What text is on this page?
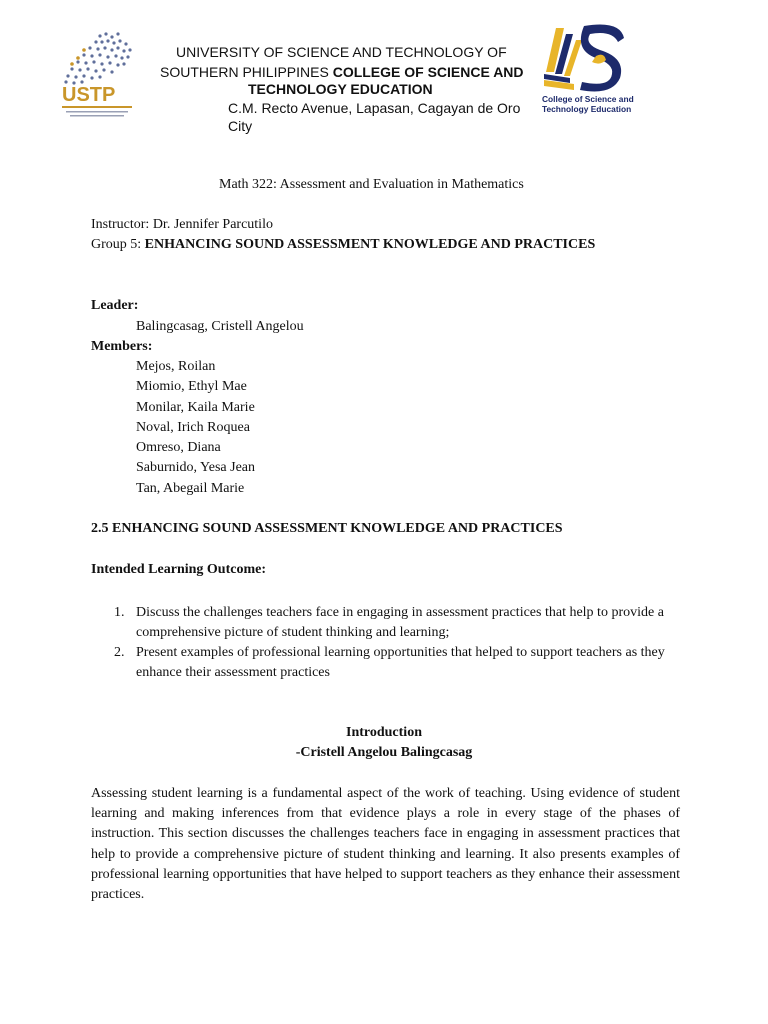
USTP	College of Science and
Technology Education
UNIVERSITY OF SCIENCE AND TECHNOLOGY OF
SOUTHERN PHILIPPINES COLLEGE OF SCIENCE AND
TECHNOLOGY EDUCATION
C.M. Recto Avenue, Lapasan, Cagayan de Oro City
Math 322: Assessment and Evaluation in Mathematics
Instructor: Dr. Jennifer Parcutilo
Group 5: ENHANCING SOUND ASSESSMENT KNOWLEDGE AND PRACTICES
Leader:
Balingcasag, Cristell Angelou
Members:
Mejos, Roilan
Miomio, Ethyl Mae
Monilar, Kaila Marie
Noval, Irich Roquea
Omreso, Diana
Saburnido, Yesa Jean
Tan, Abegail Marie
2.5 ENHANCING SOUND ASSESSMENT KNOWLEDGE AND PRACTICES
Intended Learning Outcome:
1. Discuss the challenges teachers face in engaging in assessment practices that help to provide a comprehensive picture of student thinking and learning;
2. Present examples of professional learning opportunities that helped to support teachers as they enhance their assessment practices
Introduction
-Cristell Angelou Balingcasag

Assessing student learning is a fundamental aspect of the work of teaching. Using evidence of student learning and making inferences from that evidence plays a role in every stage of the phases of instruction. This section discusses the challenges teachers face in engaging in assessment practices that help to provide a comprehensive picture of student thinking and learning. It also presents examples of professional learning opportunities that have helped to support teachers as they enhance their assessment practices.
